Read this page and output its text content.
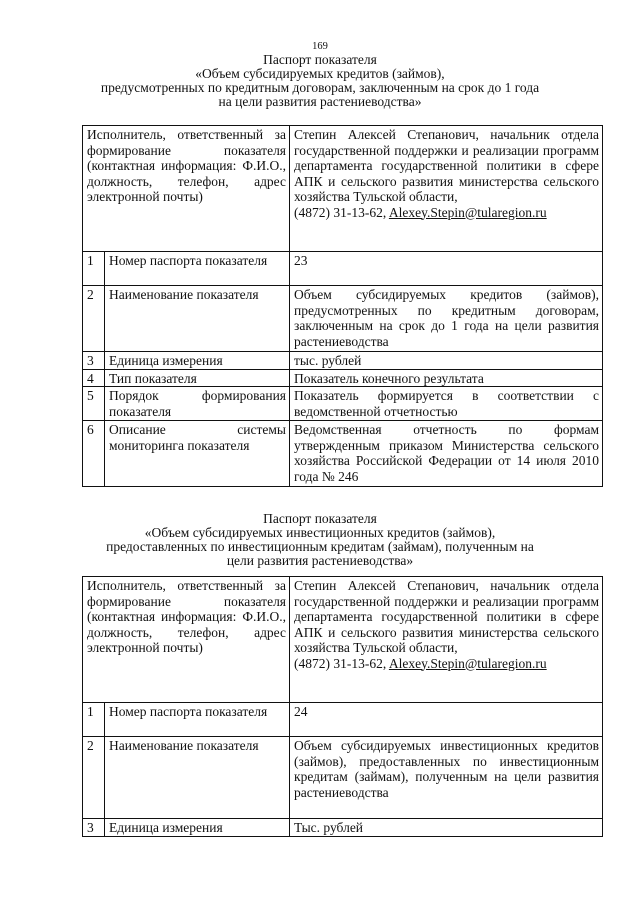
169
Паспорт показателя
«Объем субсидируемых кредитов (займов),
предусмотренных по кредитным договорам, заключенным на срок до 1 года
на цели развития растениеводства»
Исполнитель, ответственный за формирование показателя (контактная информация: Ф.И.О., должность, телефон, адрес электронной почты)		Степин Алексей Степанович, начальник отдела государственной поддержки и реализации программ департамента государственной политики в сфере АПК и сельского развития министерства сельского хозяйства Тульской области,
(4872) 31-13-62, Alexey.Stepin@tularegion.ru

1	Номер паспорта показателя	23
2	Наименование показателя	Объем субсидируемых кредитов (займов), предусмотренных по кредитным договорам, заключенным на срок до 1 года на цели развития растениеводства
3	Единица измерения	тыс. рублей
4	Тип показателя	Показатель конечного результата
5	Порядок формирования показателя	Показатель формируется в соответствии с ведомственной отчетностью
6	Описание системы мониторинга показателя	Ведомственная отчетность по формам утвержденным приказом Министерства сельского хозяйства Российской Федерации от 14 июля 2010 года № 246
Паспорт показателя
«Объем субсидируемых инвестиционных кредитов (займов),
предоставленных по инвестиционным кредитам (займам), полученным на
цели развития растениеводства»
Исполнитель, ответственный за формирование показателя (контактная информация: Ф.И.О., должность, телефон, адрес электронной почты)		Степин Алексей Степанович, начальник отдела государственной поддержки и реализации программ департамента государственной политики в сфере АПК и сельского развития министерства сельского хозяйства Тульской области,
(4872) 31-13-62, Alexey.Stepin@tularegion.ru

1	Номер паспорта показателя	24
2	Наименование показателя	Объем субсидируемых инвестиционных кредитов (займов), предоставленных по инвестиционным кредитам (займам), полученным на цели развития растениеводства
3	Единица измерения	Тыс. рублей
